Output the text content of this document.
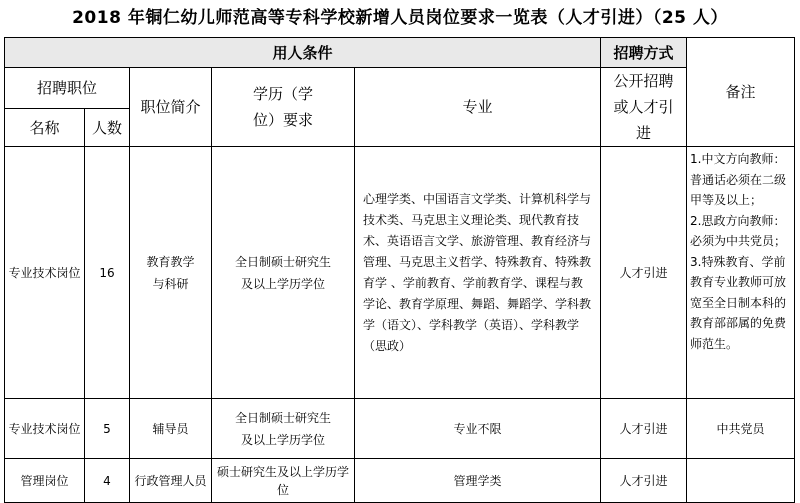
2018 年铜仁幼儿师范高等专科学校新增人员岗位要求一览表（人才引进）（25 人）
用人条件					招聘方式	备注
招聘职位		职位简介	学历（学位）要求	专业	公开招聘或人才引进	

名称	人数					
专业技术岗位	16	教育教学与科研	全日制硕士研究生及以上学历学位	心理学类、中国语言文学类、计算机科学与技术类、马克思主义理论类、现代教育技术、英语语言文学、旅游管理、教育经济与管理、马克思主义哲学、特殊教育、特殊教育学 、学前教育、学前教育学、课程与教学论、教育学原理、舞蹈、舞蹈学、学科教学（语文）、学科教学（英语）、学科教学（思政）	人才引进	1.中文方向教师：普通话必须在二级甲等及以上；
2.思政方向教师：必须为中共党员；
3.特殊教育、学前教育专业教师可放宽至全日制本科的教育部部属的免费师范生。

专业技术岗位	5	辅导员	全日制硕士研究生及以上学历学位	专业不限	人才引进	中共党员
管理岗位	4	行政管理人员	硕士研究生及以上学历学位	管理学类	人才引进	
